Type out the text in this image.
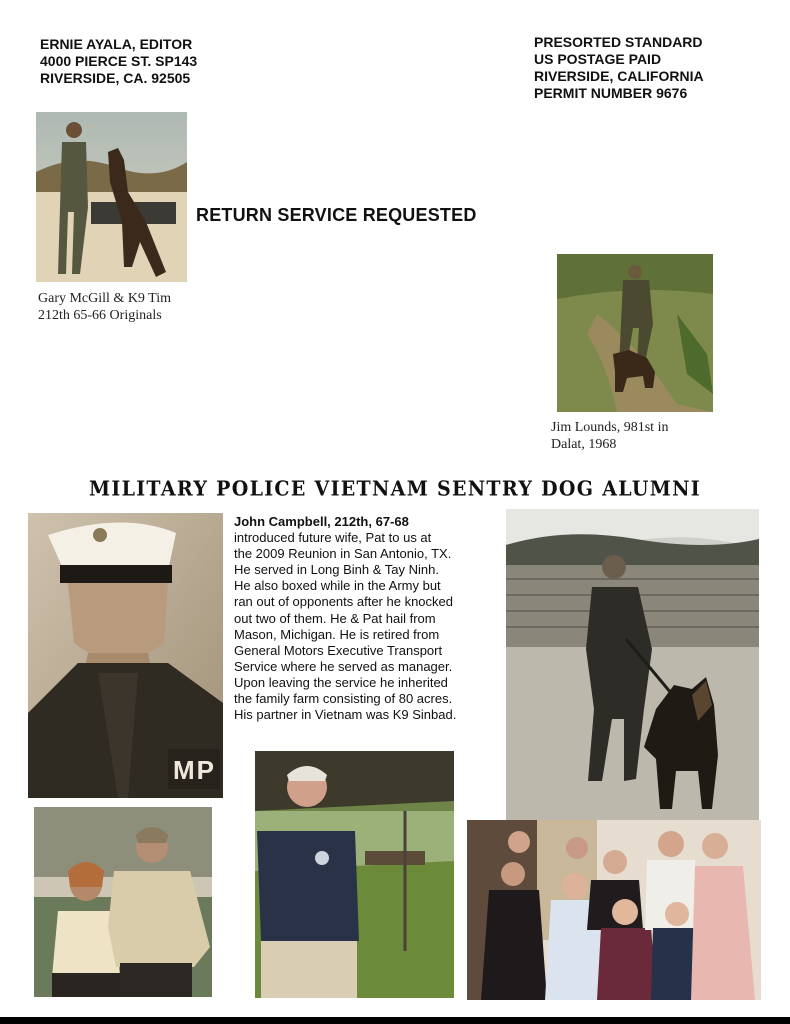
ERNIE AYALA, EDITOR
4000 PIERCE ST. SP143
RIVERSIDE, CA. 92505
PRESORTED STANDARD
US POSTAGE PAID
RIVERSIDE, CALIFORNIA
PERMIT NUMBER 9676
Gary McGill & K9 Tim
212th 65-66 Originals
RETURN SERVICE REQUESTED
Jim Lounds, 981st in
Dalat, 1968
MILITARY POLICE VIETNAM SENTRY DOG ALUMNI
MP
John Campbell, 212th, 67-68
introduced future wife, Pat to us at
the 2009 Reunion in San Antonio, TX.
He served in Long Binh & Tay Ninh.
He also boxed while in the Army but
ran out of opponents after he knocked
out two of them. He & Pat hail from
Mason, Michigan. He is retired from
General Motors Executive Transport
Service where he served as manager.
Upon leaving the service he inherited
the family farm consisting of 80 acres.
His partner in Vietnam was K9 Sinbad.
